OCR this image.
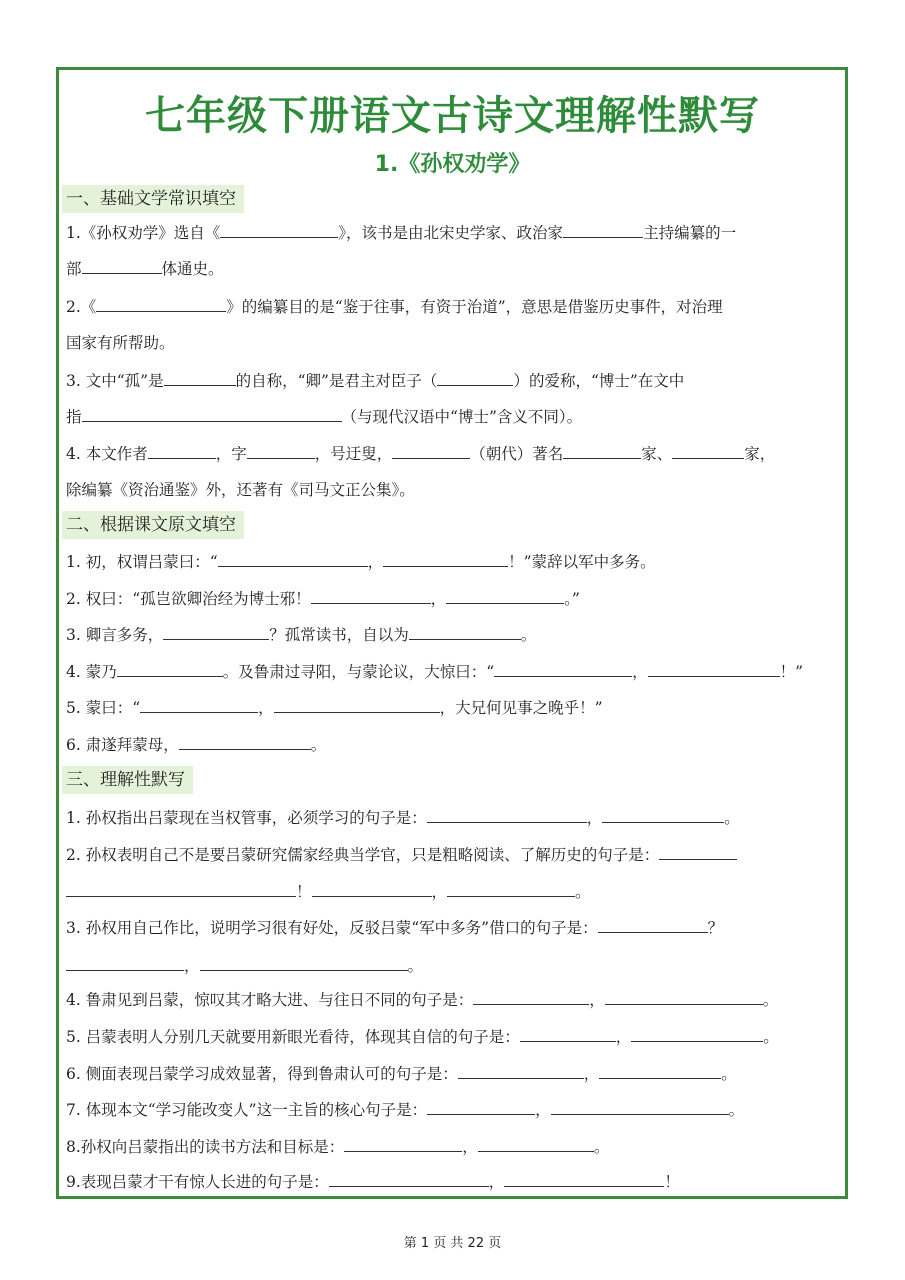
七年级下册语文古诗文理解性默写
1.《孙权劝学》
一、基础文学常识填空
1.《孙权劝学》选自《	》，该书是由北宋史学家、政治家	主持编纂的一
部	体通史。
2.《	》的编纂目的是“鉴于往事，有资于治道”，意思是借鉴历史事件，对治理
国家有所帮助。
3. 文中“孤”是	的自称，“卿”是君主对臣子（	）的爱称，“博士”在文中
指	（与现代汉语中“博士”含义不同）。
4. 本文作者	，字	，号迂叟，	（朝代）著名	家、	家，
除编纂《资治通鉴》外，还著有《司马文正公集》。
二、根据课文原文填空
1. 初，权谓吕蒙曰：“	，	！”蒙辞以军中多务。
2. 权曰：“孤岂欲卿治经为博士邪！	，	。”
3. 卿言多务，	？孤常读书，自以为	。
4. 蒙乃	。及鲁肃过寻阳，与蒙论议，大惊曰：“	，	！”
5. 蒙曰：“	，	，大兄何见事之晚乎！”
6. 肃遂拜蒙母，	。
三、理解性默写
1. 孙权指出吕蒙现在当权管事，必须学习的句子是：	，	。
2. 孙权表明自己不是要吕蒙研究儒家经典当学官，只是粗略阅读、了解历史的句子是：
！	，	。
3. 孙权用自己作比，说明学习很有好处，反驳吕蒙“军中多务”借口的句子是：	？
，	。
4. 鲁肃见到吕蒙，惊叹其才略大进、与往日不同的句子是：	，	。
5. 吕蒙表明人分别几天就要用新眼光看待，体现其自信的句子是：	，	。
6. 侧面表现吕蒙学习成效显著，得到鲁肃认可的句子是：	，	。
7. 体现本文“学习能改变人”这一主旨的核心句子是：	，	。
8.孙权向吕蒙指出的读书方法和目标是：	，	。
9.表现吕蒙才干有惊人长进的句子是：	，	！
第 1 页 共 22 页
